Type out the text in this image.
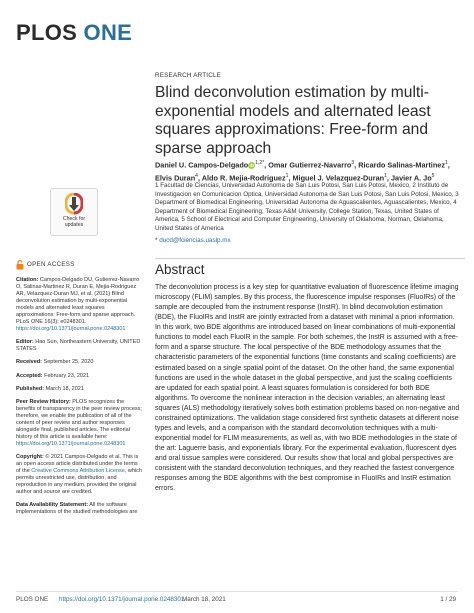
PLOS ONE
RESEARCH ARTICLE
Blind deconvolution estimation by multi-exponential models and alternated least squares approximations: Free-form and sparse approach
Daniel U. Campos-DelgadoiD$^{1,2*}$, Omar Gutierrez-Navarro$^3$, Ricardo Salinas-Martinez$^1$,
Elvis Duran$^4$, Aldo R. Mejia-Rodriguez$^1$, Miguel J. Velazquez-Duran$^1$, Javier A. Jo$^5$
1 Facultad de Ciencias, Universidad Autonoma de San Luis Potosi, San Luis Potosi, Mexico, 2 Instituto de Investigacion en Comunicacion Optica, Universidad Autonoma de San Luis Potosi, San Luis Potosi, Mexico, 3 Department of Biomedical Engineering, Universidad Autonoma de Aguascalientes, Aguascalientes, Mexico, 4 Department of Biomedical Engineering, Texas A&M University, College Station, Texas, United States of America, 5 School of Electrical and Computer Engineering, University of Oklahoma, Norman, Oklahoma, United States of America
* ducd@fciencias.uaslp.mx
Abstract
The deconvolution process is a key step for quantitative evaluation of fluorescence lifetime imaging microscopy (FLIM) samples. By this process, the fluorescence impulse responses (FluoIRs) of the sample are decoupled from the instrument response (InstR). In blind deconvolution estimation (BDE), the FluoIRs and InstR are jointly extracted from a dataset with minimal a priori information. In this work, two BDE algorithms are introduced based on linear combinations of multi-exponential functions to model each FluoIR in the sample. For both schemes, the InstR is assumed with a free-form and a sparse structure. The local perspective of the BDE methodology assumes that the characteristic parameters of the exponential functions (time constants and scaling coefficients) are estimated based on a single spatial point of the dataset. On the other hand, the same exponential functions are used in the whole dataset in the global perspective, and just the scaling coefficients are updated for each spatial point. A least squares formulation is considered for both BDE algorithms. To overcome the nonlinear interaction in the decision variables, an alternating least squares (ALS) methodology iteratively solves both estimation problems based on non-negative and constrained optimizations. The validation stage considered first synthetic datasets at different noise types and levels, and a comparison with the standard deconvolution techniques with a multi-exponential model for FLIM measurements, as well as, with two BDE methodologies in the state of the art: Laguerre basis, and exponentials library. For the experimental evaluation, fluorescent dyes and oral tissue samples were considered. Our results show that local and global perspectives are consistent with the standard deconvolution techniques, and they reached the fastest convergence responses among the BDE algorithms with the best compromise in FluoIRs and InstR estimation errors.
Check for
updates
OPEN ACCESS

Citation: Campos-Delgado DU, Gutierrez-Navarro O, Salinas-Martinez R, Duran E, Mejia-Rodriguez AR, Velazquez-Duran MJ, et al. (2021) Blind deconvolution estimation by multi-exponential models and alternated least squares approximations: Free-form and sparse approach. PLoS ONE 16(3): e0248301. https://doi.org/10.1371/journal.pone.0248301

Editor: Hao Sun, Northeastern University, UNITED STATES

Received: September 25, 2020

Accepted: February 23, 2021

Published: March 18, 2021

Peer Review History: PLOS recognizes the benefits of transparency in the peer review process; therefore, we enable the publication of all of the content of peer review and author responses alongside final, published articles. The editorial history of this article is available here: https://doi.org/10.1371/journal.pone.0248301

Copyright: © 2021 Campos-Delgado et al. This is an open access article distributed under the terms of the Creative Commons Attribution License, which permits unrestricted use, distribution, and reproduction in any medium, provided the original author and source are credited.

Data Availability Statement: All the software implementations of the studied methodologies are

PLOS ONE https://doi.org/10.1371/journal.pone.0248301
March 18, 2021	1 / 29
